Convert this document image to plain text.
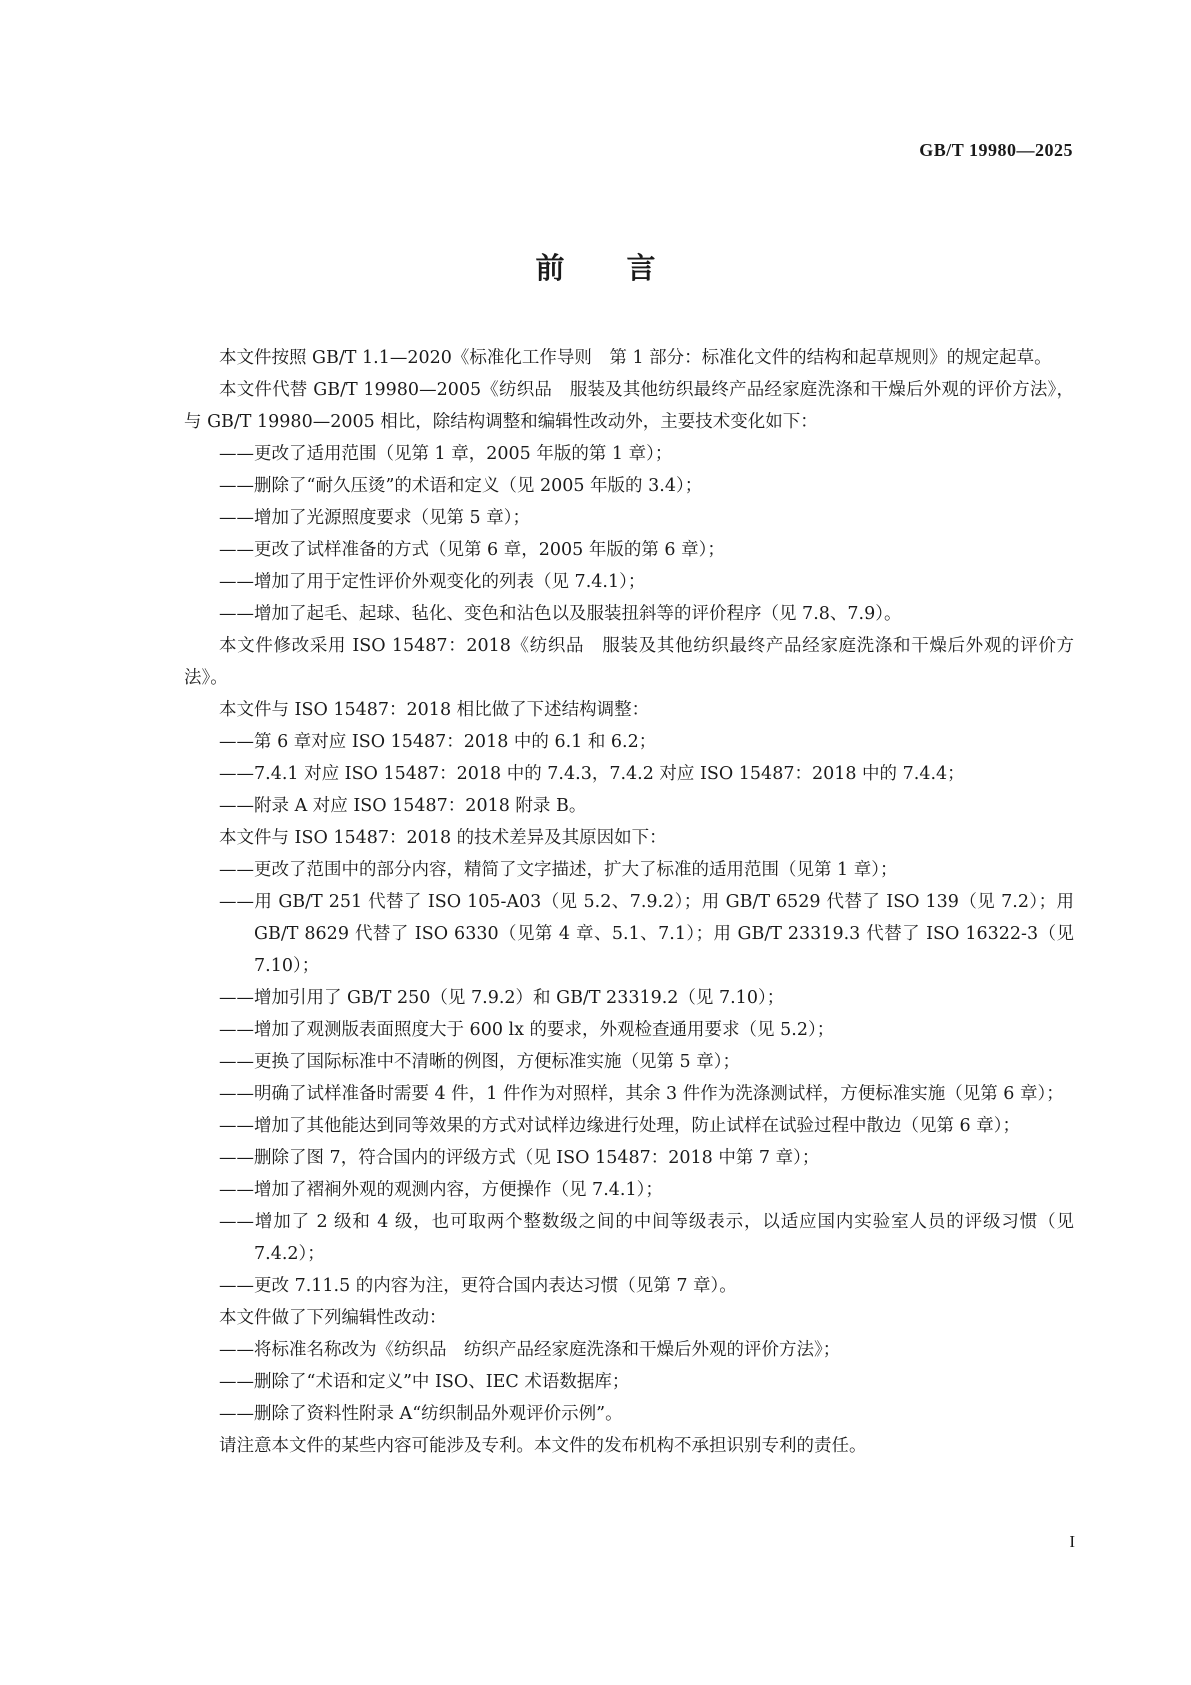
GB/T 19980—2025
前言

本文件按照 GB/T 1.1—2020《标准化工作导则　第 1 部分：标准化文件的结构和起草规则》的规定起草。

本文件代替 GB/T 19980—2005《纺织品　服装及其他纺织最终产品经家庭洗涤和干燥后外观的评价方法》，与 GB/T 19980—2005 相比，除结构调整和编辑性改动外，主要技术变化如下：

——更改了适用范围（见第 1 章，2005 年版的第 1 章）；

——删除了“耐久压烫”的术语和定义（见 2005 年版的 3.4）；

——增加了光源照度要求（见第 5 章）；

——更改了试样准备的方式（见第 6 章，2005 年版的第 6 章）；

——增加了用于定性评价外观变化的列表（见 7.4.1）；

——增加了起毛、起球、毡化、变色和沾色以及服装扭斜等的评价程序（见 7.8、7.9）。

本文件修改采用 ISO 15487：2018《纺织品　服装及其他纺织最终产品经家庭洗涤和干燥后外观的评价方法》。

本文件与 ISO 15487：2018 相比做了下述结构调整：

——第 6 章对应 ISO 15487：2018 中的 6.1 和 6.2；

——7.4.1 对应 ISO 15487：2018 中的 7.4.3，7.4.2 对应 ISO 15487：2018 中的 7.4.4；

——附录 A 对应 ISO 15487：2018 附录 B。

本文件与 ISO 15487：2018 的技术差异及其原因如下：

——更改了范围中的部分内容，精简了文字描述，扩大了标准的适用范围（见第 1 章）；

——用 GB/T 251 代替了 ISO 105-A03（见 5.2、7.9.2）；用 GB/T 6529 代替了 ISO 139（见 7.2）；用 GB/T 8629 代替了 ISO 6330（见第 4 章、5.1、7.1）；用 GB/T 23319.3 代替了 ISO 16322-3（见 7.10）；

——增加引用了 GB/T 250（见 7.9.2）和 GB/T 23319.2（见 7.10）；

——增加了观测版表面照度大于 600 lx 的要求，外观检查通用要求（见 5.2）；

——更换了国际标准中不清晰的例图，方便标准实施（见第 5 章）；

——明确了试样准备时需要 4 件，1 件作为对照样，其余 3 件作为洗涤测试样，方便标准实施（见第 6 章）；

——增加了其他能达到同等效果的方式对试样边缘进行处理，防止试样在试验过程中散边（见第 6 章）；

——删除了图 7，符合国内的评级方式（见 ISO 15487：2018 中第 7 章）；

——增加了褶裥外观的观测内容，方便操作（见 7.4.1）；

——增加了 2 级和 4 级，也可取两个整数级之间的中间等级表示，以适应国内实验室人员的评级习惯（见 7.4.2）；

——更改 7.11.5 的内容为注，更符合国内表达习惯（见第 7 章）。

本文件做了下列编辑性改动：

——将标准名称改为《纺织品　纺织产品经家庭洗涤和干燥后外观的评价方法》；

——删除了“术语和定义”中 ISO、IEC 术语数据库；

——删除了资料性附录 A“纺织制品外观评价示例”。

请注意本文件的某些内容可能涉及专利。本文件的发布机构不承担识别专利的责任。

I
